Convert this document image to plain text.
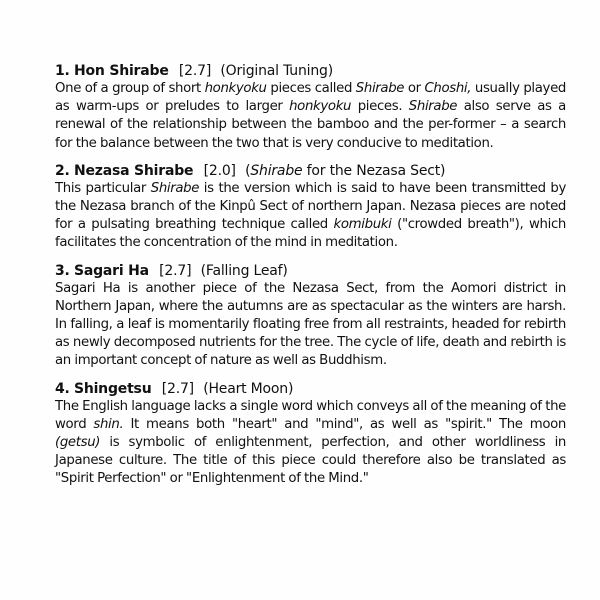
1. Hon Shirabe [2.7] (Original Tuning)
One of a group of short honkyoku pieces called Shirabe or Choshi, usually played as warm-ups or preludes to larger honkyoku pieces. Shirabe also serve as a renewal of the relationship between the bamboo and the per-former – a search for the balance between the two that is very conducive to meditation.
2. Nezasa Shirabe [2.0] (Shirabe for the Nezasa Sect)
This particular Shirabe is the version which is said to have been transmitted by the Nezasa branch of the Kinpû Sect of northern Japan. Nezasa pieces are noted for a pulsating breathing technique called komibuki ("crowded breath"), which facilitates the concentration of the mind in meditation.
3. Sagari Ha [2.7] (Falling Leaf)
Sagari Ha is another piece of the Nezasa Sect, from the Aomori district in Northern Japan, where the autumns are as spectacular as the winters are harsh. In falling, a leaf is momentarily floating free from all restraints, headed for rebirth as newly decomposed nutrients for the tree. The cycle of life, death and rebirth is an important concept of nature as well as Buddhism.
4. Shingetsu [2.7] (Heart Moon)
The English language lacks a single word which conveys all of the meaning of the word shin. It means both "heart" and "mind", as well as "spirit." The moon (getsu) is symbolic of enlightenment, perfection, and other worldliness in Japanese culture. The title of this piece could therefore also be translated as "Spirit Perfection" or "Enlightenment of the Mind."
